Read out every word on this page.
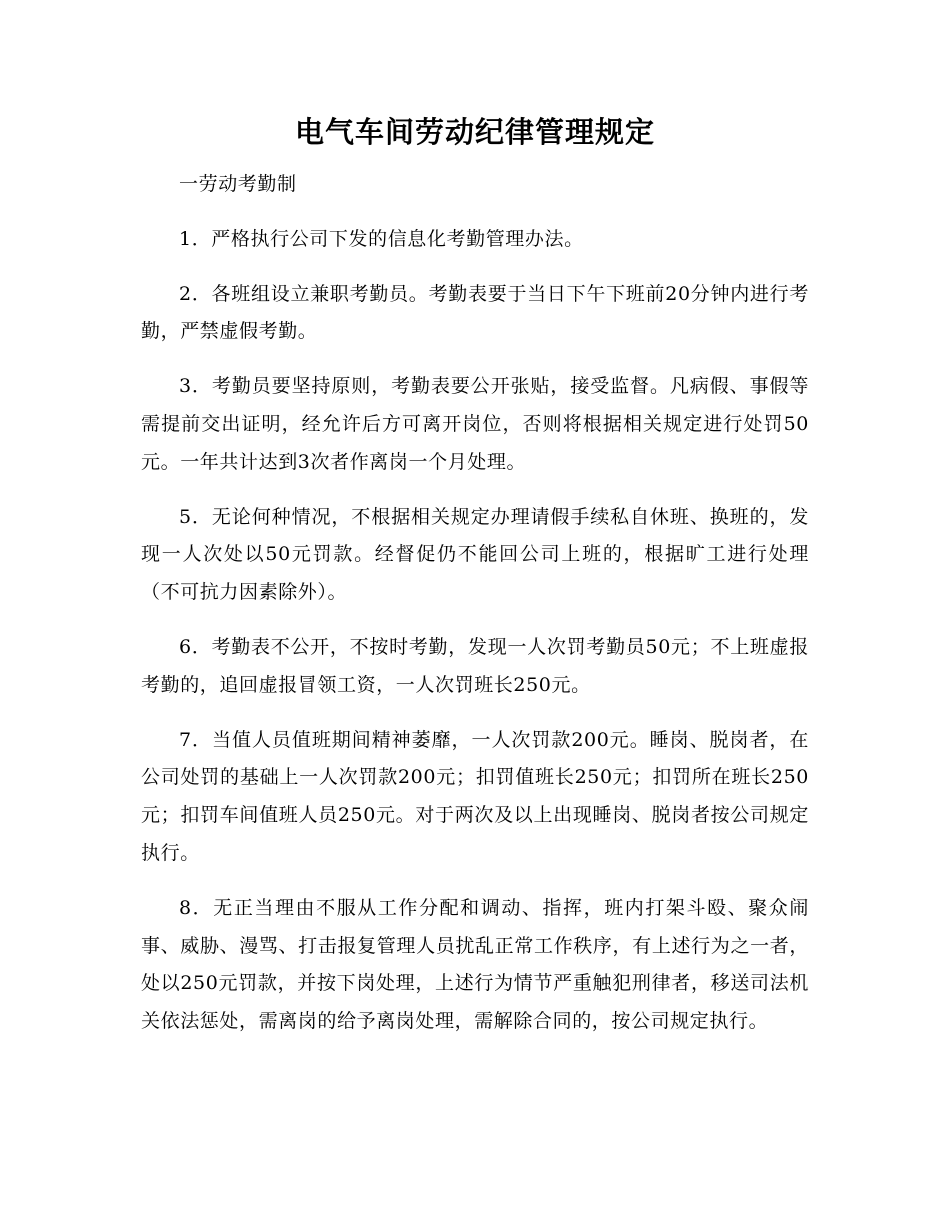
电气车间劳动纪律管理规定

一劳动考勤制

1．严格执行公司下发的信息化考勤管理办法。

2．各班组设立兼职考勤员。考勤表要于当日下午下班前20分钟内进行考勤，严禁虚假考勤。

3．考勤员要坚持原则，考勤表要公开张贴，接受监督。凡病假、事假等需提前交出证明，经允许后方可离开岗位，否则将根据相关规定进行处罚50元。一年共计达到3次者作离岗一个月处理。

5．无论何种情况，不根据相关规定办理请假手续私自休班、换班的，发现一人次处以50元罚款。经督促仍不能回公司上班的，根据旷工进行处理（不可抗力因素除外）。

6．考勤表不公开，不按时考勤，发现一人次罚考勤员50元；不上班虚报考勤的，追回虚报冒领工资，一人次罚班长250元。

7．当值人员值班期间精神萎靡，一人次罚款200元。睡岗、脱岗者，在公司处罚的基础上一人次罚款200元；扣罚值班长250元；扣罚所在班长250元；扣罚车间值班人员250元。对于两次及以上出现睡岗、脱岗者按公司规定执行。

8．无正当理由不服从工作分配和调动、指挥，班内打架斗殴、聚众闹事、威胁、漫骂、打击报复管理人员扰乱正常工作秩序，有上述行为之一者，处以250元罚款，并按下岗处理，上述行为情节严重触犯刑律者，移送司法机关依法惩处，需离岗的给予离岗处理，需解除合同的，按公司规定执行。
